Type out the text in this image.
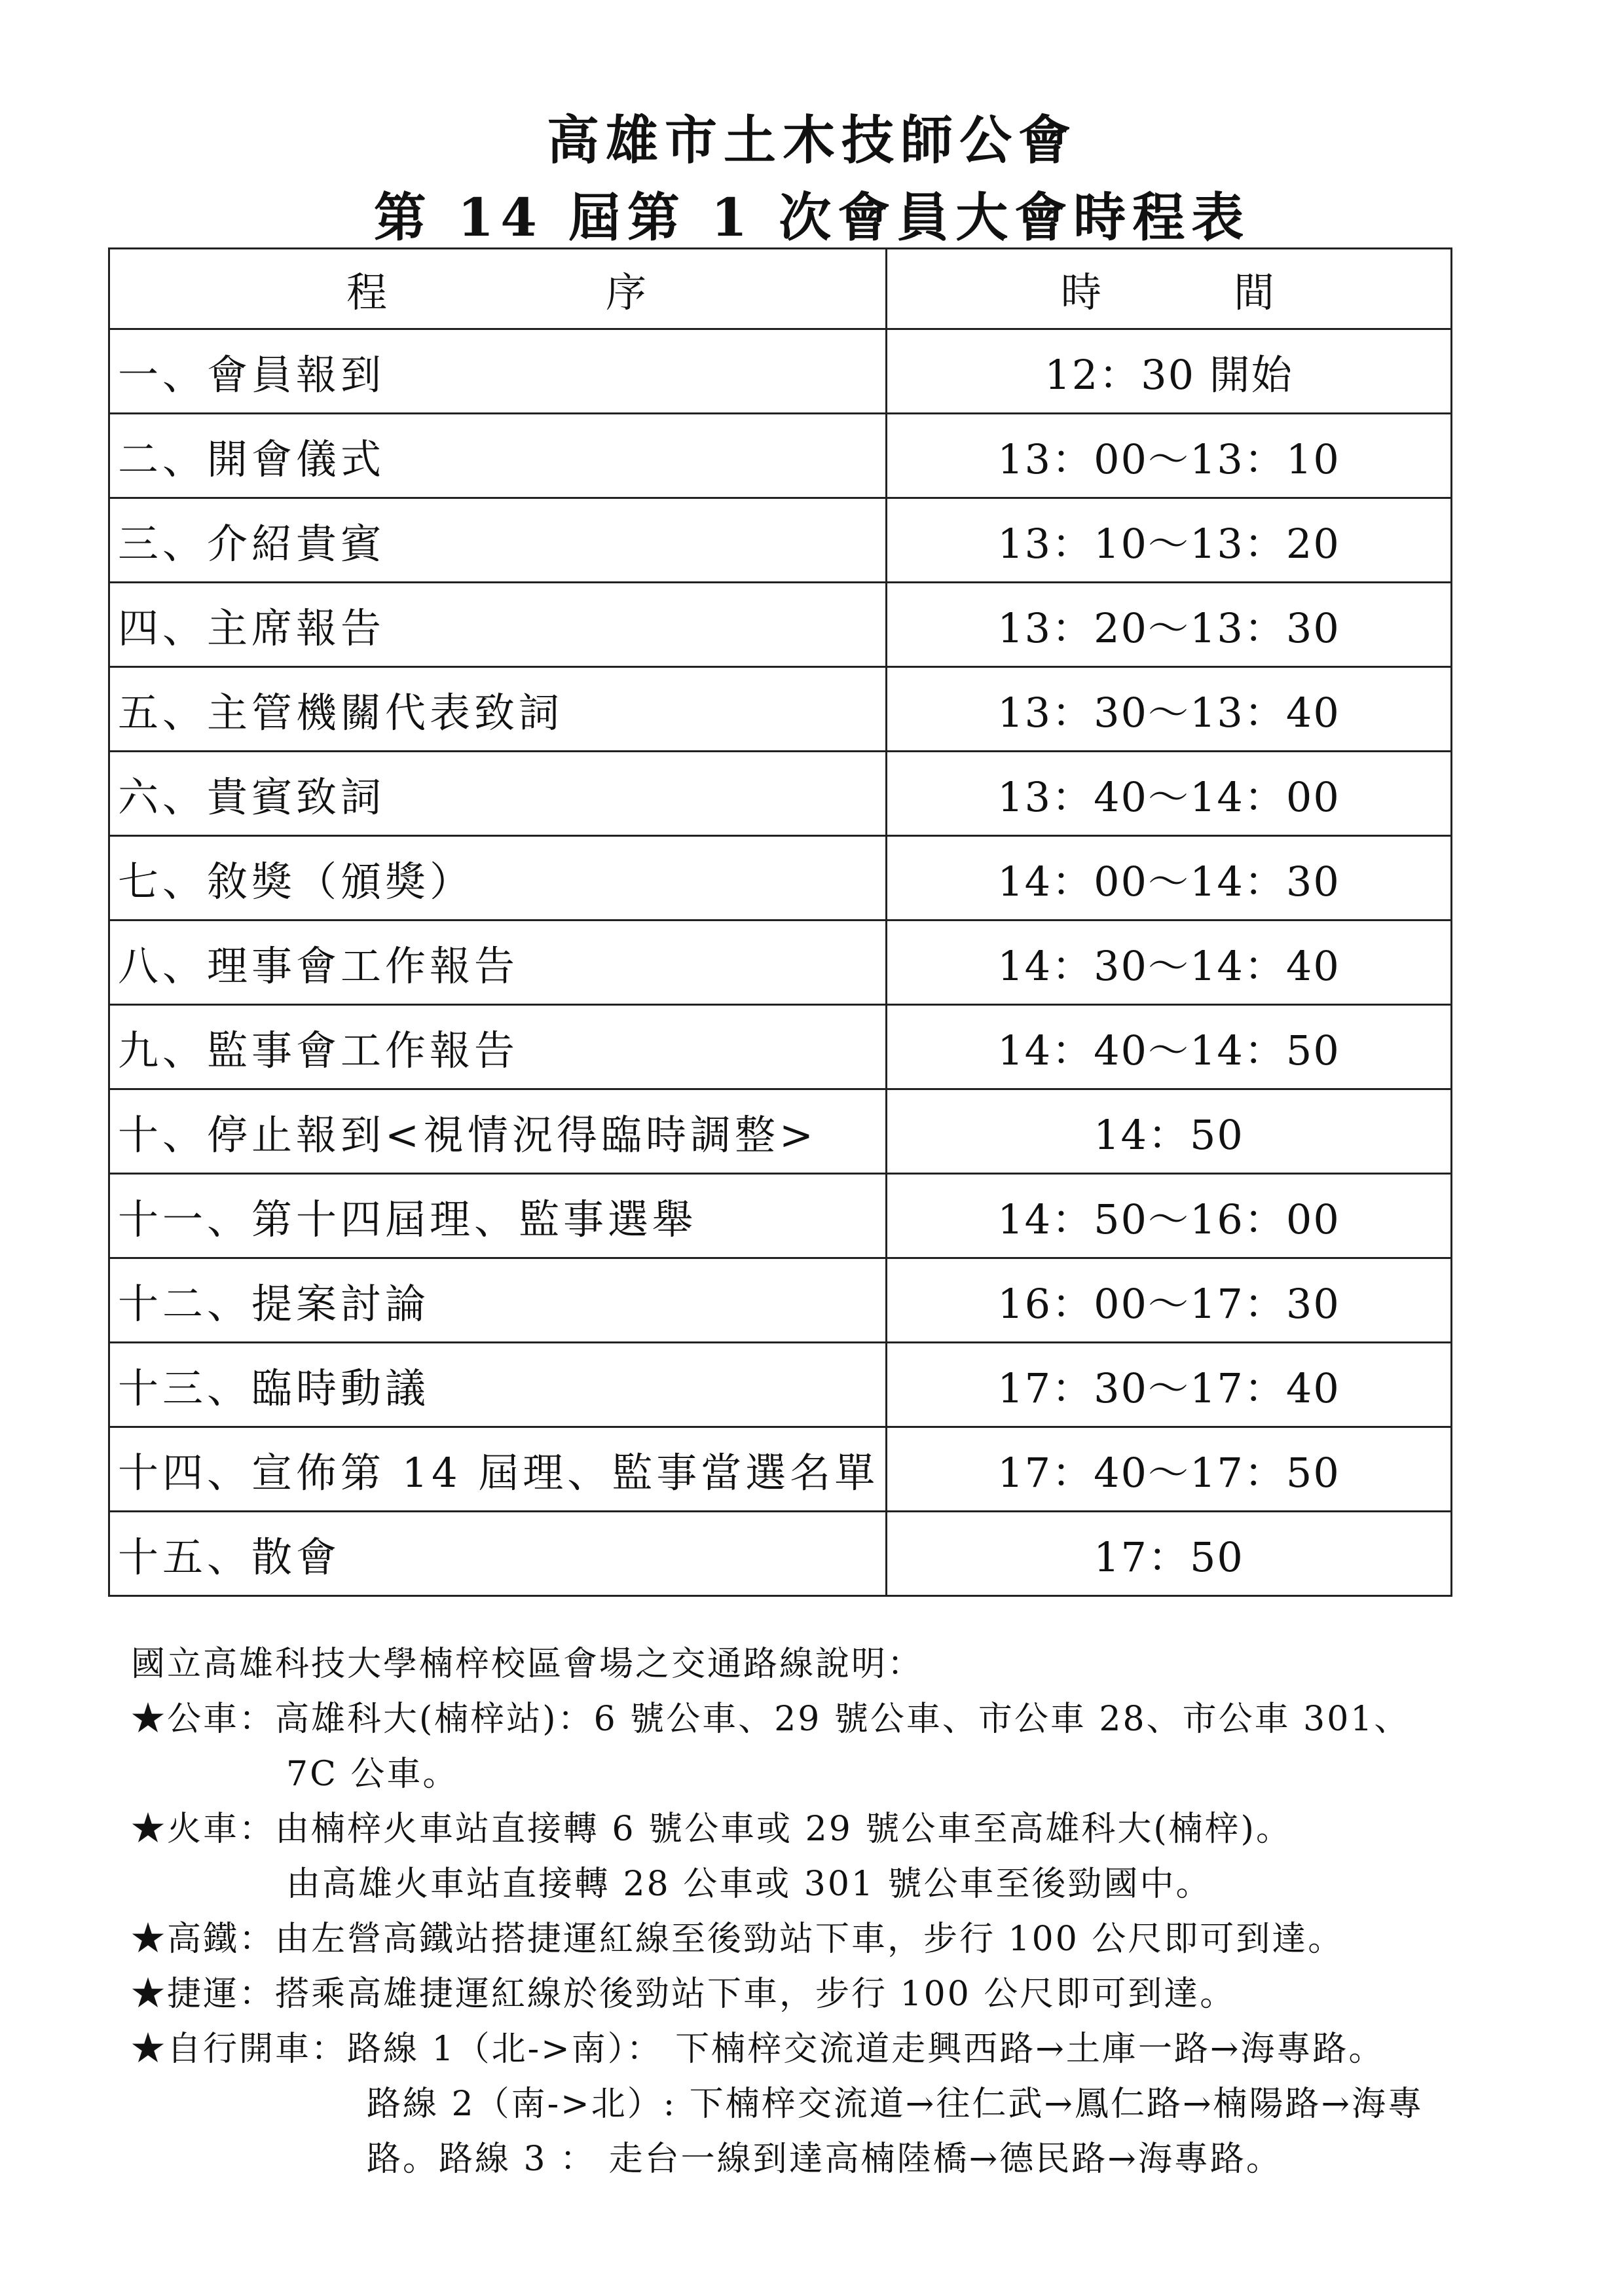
高雄市土木技師公會
第 14 屆第 1 次會員大會時程表
程　　　　　序	時　　　間
一、會員報到	12：30 開始
二、開會儀式	13：00～13：10
三、介紹貴賓	13：10～13：20
四、主席報告	13：20～13：30
五、主管機關代表致詞	13：30～13：40
六、貴賓致詞	13：40～14：00
七、敘獎（頒獎）	14：00～14：30
八、理事會工作報告	14：30～14：40
九、監事會工作報告	14：40～14：50
十、停止報到<視情況得臨時調整>	14：50
十一、第十四屆理、監事選舉	14：50～16：00
十二、提案討論	16：00～17：30
十三、臨時動議	17：30～17：40
十四、宣佈第 14 屆理、監事當選名單	17：40～17：50
十五、散會	17：50
國立高雄科技大學楠梓校區會場之交通路線說明：
★公車：高雄科大(楠梓站)：6 號公車、29 號公車、市公車 28、市公車 301、
7C 公車。
★火車：由楠梓火車站直接轉 6 號公車或 29 號公車至高雄科大(楠梓)。
由高雄火車站直接轉 28 公車或 301 號公車至後勁國中。
★高鐵：由左營高鐵站搭捷運紅線至後勁站下車，步行 100 公尺即可到達。
★捷運：搭乘高雄捷運紅線於後勁站下車，步行 100 公尺即可到達。
★自行開車：路線 1（北->南）： 下楠梓交流道走興西路→土庫一路→海專路。
路線 2（南->北）: 下楠梓交流道→往仁武→鳳仁路→楠陽路→海專
路。路線 3 ： 走台一線到達高楠陸橋→德民路→海專路。
